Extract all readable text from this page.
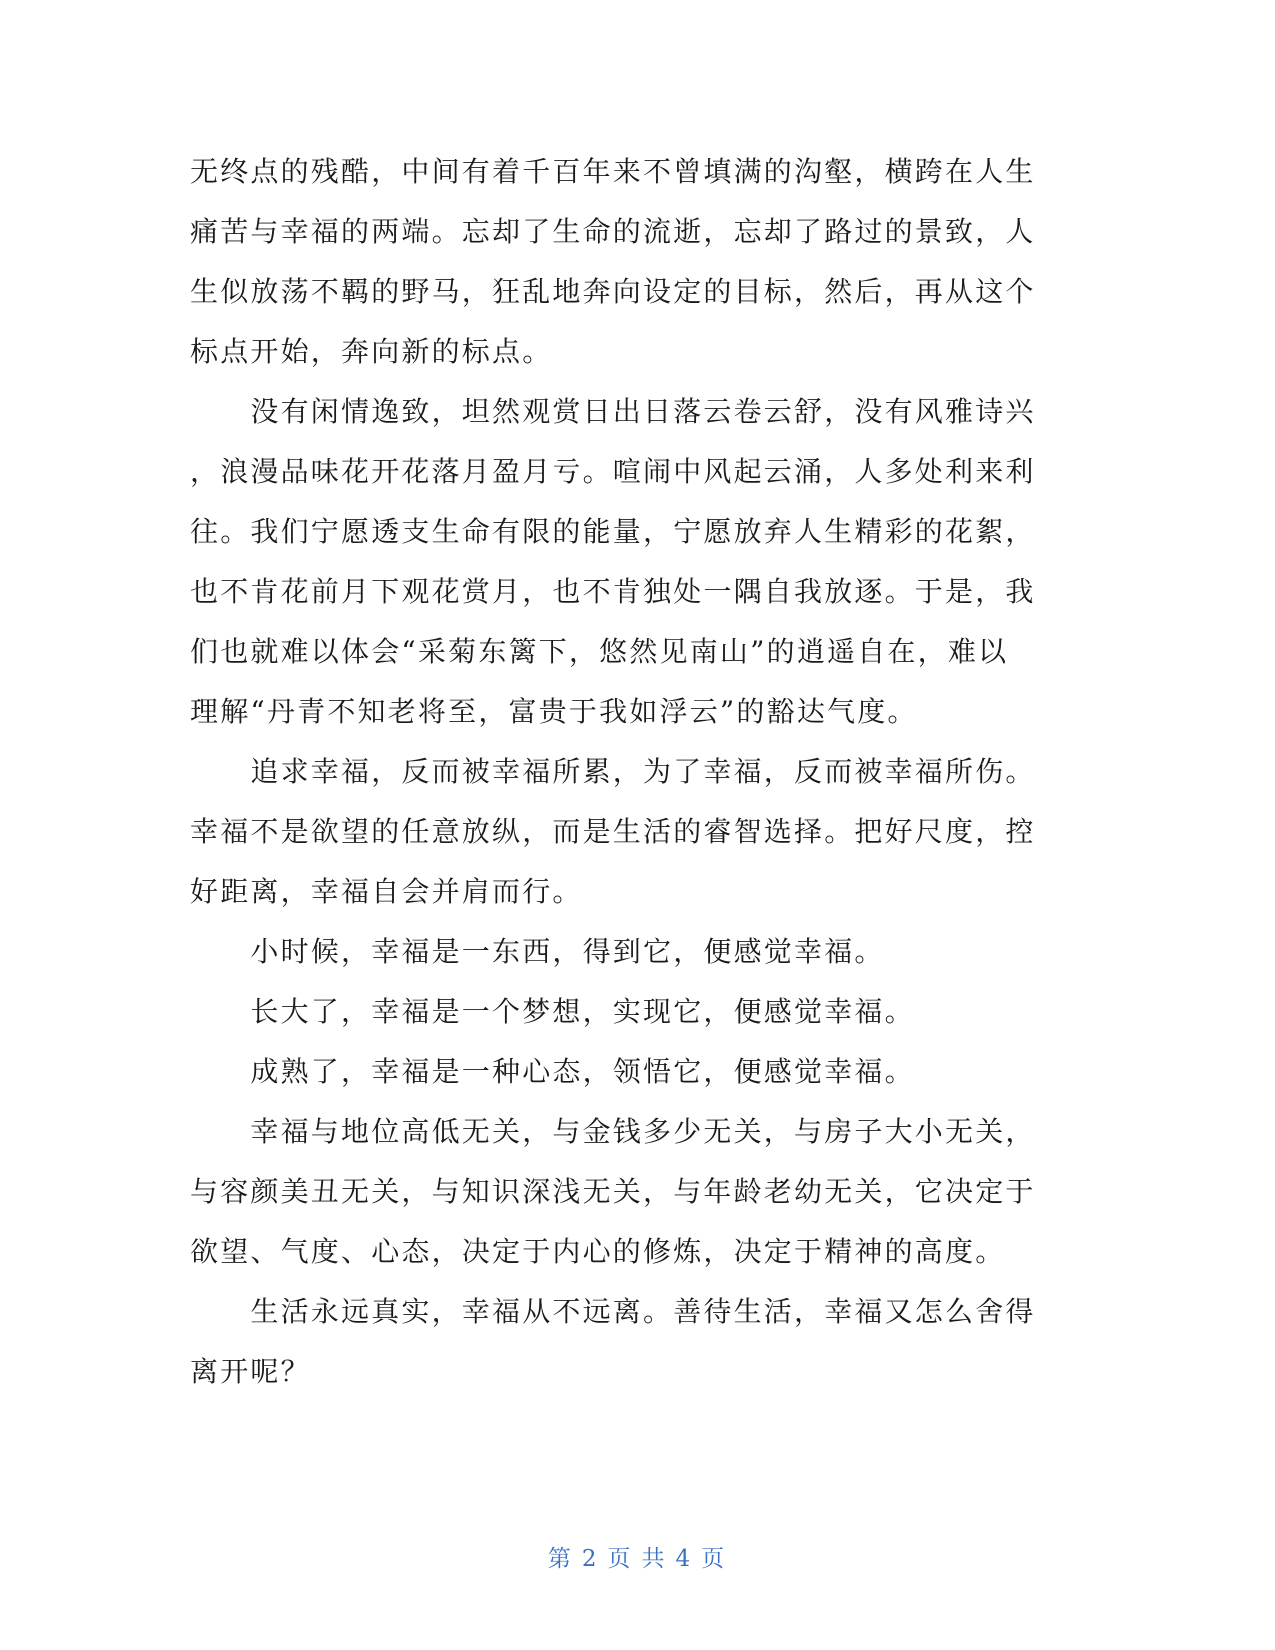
无终点的残酷，中间有着千百年来不曾填满的沟壑，横跨在人生
痛苦与幸福的两端。忘却了生命的流逝，忘却了路过的景致，人
生似放荡不羁的野马，狂乱地奔向设定的目标，然后，再从这个
标点开始，奔向新的标点。
　　没有闲情逸致，坦然观赏日出日落云卷云舒，没有风雅诗兴
，浪漫品味花开花落月盈月亏。喧闹中风起云涌，人多处利来利
往。我们宁愿透支生命有限的能量，宁愿放弃人生精彩的花絮，
也不肯花前月下观花赏月，也不肯独处一隅自我放逐。于是，我
们也就难以体会“采菊东篱下，悠然见南山”的逍遥自在，难以
理解“丹青不知老将至，富贵于我如浮云”的豁达气度。
　　追求幸福，反而被幸福所累，为了幸福，反而被幸福所伤。
幸福不是欲望的任意放纵，而是生活的睿智选择。把好尺度，控
好距离，幸福自会并肩而行。
　　小时候，幸福是一东西，得到它，便感觉幸福。
　　长大了，幸福是一个梦想，实现它，便感觉幸福。
　　成熟了，幸福是一种心态，领悟它，便感觉幸福。
　　幸福与地位高低无关，与金钱多少无关，与房子大小无关，
与容颜美丑无关，与知识深浅无关，与年龄老幼无关，它决定于
欲望、气度、心态，决定于内心的修炼，决定于精神的高度。
　　生活永远真实，幸福从不远离。善待生活，幸福又怎么舍得
离开呢？
第 2 页 共 4 页
